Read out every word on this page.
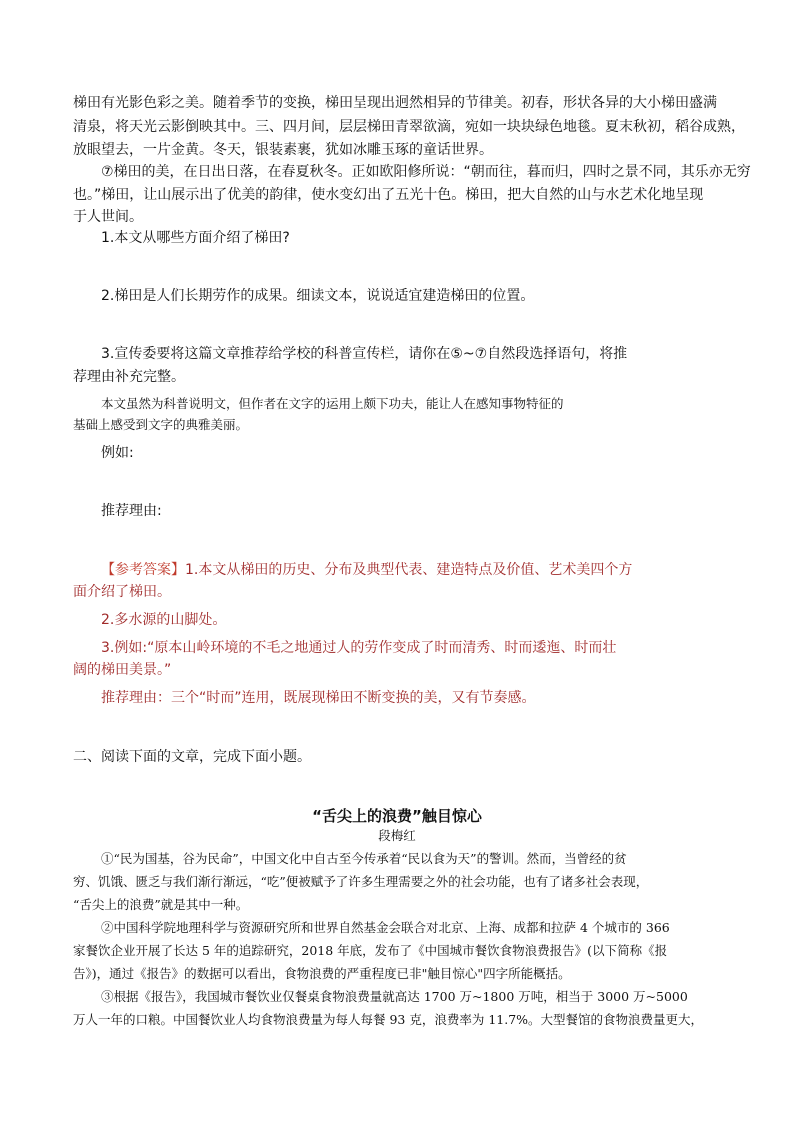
梯田有光影色彩之美。随着季节的变换，梯田呈现出迥然相异的节律美。初春，形状各异的大小梯田盛满
清泉，将天光云影倒映其中。三、四月间，层层梯田青翠欲滴，宛如一块块绿色地毯。夏末秋初，稻谷成熟，
放眼望去，一片金黄。冬天，银装素裹，犹如冰雕玉琢的童话世界。
⑦梯田的美，在日出日落，在春夏秋冬。正如欧阳修所说：“朝而往，暮而归，四时之景不同，其乐亦无穷
也。”梯田，让山展示出了优美的韵律，使水变幻出了五光十色。梯田，把大自然的山与水艺术化地呈现
于人世间。
1.本文从哪些方面介绍了梯田?
2.梯田是人们长期劳作的成果。细读文本，说说适宜建造梯田的位置。
3.宣传委要将这篇文章推荐给学校的科普宣传栏，请你在⑤~⑦自然段选择语句，将推
荐理由补充完整。
本文虽然为科普说明文，但作者在文字的运用上颇下功夫，能让人在感知事物特征的
基础上感受到文字的典雅美丽。
例如:
推荐理由:
【参考答案】1.本文从梯田的历史、分布及典型代表、建造特点及价值、艺术美四个方
面介绍了梯田。
2.多水源的山脚处。
3.例如:“原本山岭环境的不毛之地通过人的劳作变成了时而清秀、时而逶迤、时而壮
阔的梯田美景。”
推荐理由：三个“时而”连用，既展现梯田不断变换的美，又有节奏感。
二、阅读下面的文章，完成下面小题。
“舌尖上的浪费”触目惊心
段梅红
①“民为国基，谷为民命”，中国文化中自古至今传承着“民以食为天”的警训。然而，当曾经的贫
穷、饥饿、匮乏与我们渐行渐远，“吃”便被赋予了许多生理需要之外的社会功能，也有了诸多社会表现，
“舌尖上的浪费”就是其中一种。
②中国科学院地理科学与资源研究所和世界自然基金会联合对北京、上海、成都和拉萨 4 个城市的 366
家餐饮企业开展了长达 5 年的追踪研究，2018 年底，发布了《中国城市餐饮食物浪费报告》(以下简称《报
告》)，通过《报告》的数据可以看出，食物浪费的严重程度已非"触目惊心"四字所能概括。
③根据《报告》，我国城市餐饮业仅餐桌食物浪费量就高达 1700 万~1800 万吨，相当于 3000 万~5000
万人一年的口粮。中国餐饮业人均食物浪费量为每人每餐 93 克，浪费率为 11.7%。大型餐馆的食物浪费量更大，
